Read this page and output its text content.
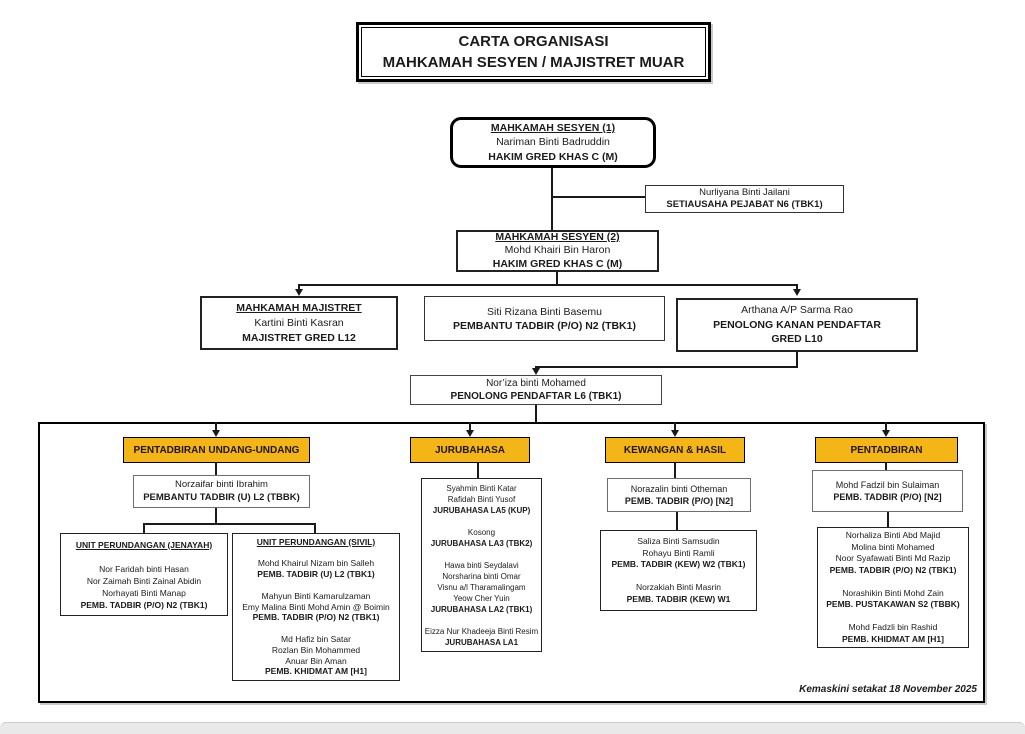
CARTA ORGANISASI
MAHKAMAH SESYEN / MAJISTRET MUAR
MAHKAMAH SESYEN (1)
Nariman Binti Badruddin
HAKIM GRED KHAS C (M)
Nurliyana Binti Jailani
SETIAUSAHA PEJABAT N6 (TBK1)
MAHKAMAH SESYEN (2)
Mohd Khairi Bin Haron
HAKIM GRED KHAS C (M)
MAHKAMAH MAJISTRET
Kartini Binti Kasran
MAJISTRET GRED L12
Siti Rizana Binti Basemu
PEMBANTU TADBIR (P/O) N2 (TBK1)
Arthana A/P Sarma Rao
PENOLONG KANAN PENDAFTAR
GRED L10
Nor’iza binti Mohamed
PENOLONG PENDAFTAR L6 (TBK1)
PENTADBIRAN UNDANG-UNDANG	JURUBAHASA	KEWANGAN & HASIL	PENTADBIRAN
Norzaifar binti Ibrahim
PEMBANTU TADBIR (U) L2 (TBBK)
UNIT PERUNDANGAN (JENAYAH)
Nor Faridah binti Hasan
Nor Zaimah Binti Zainal Abidin
Norhayati Binti Manap
PEMB. TADBIR (P/O) N2 (TBK1)
UNIT PERUNDANGAN (SIVIL)
Mohd Khairul Nizam bin Salleh
PEMB. TADBIR (U) L2 (TBK1)
Mahyun Binti Kamarulzaman
Emy Malina Binti Mohd Amin @ Boimin
PEMB. TADBIR (P/O) N2 (TBK1)
Md Hafiz bin Satar
Rozlan Bin Mohammed
Anuar Bin Aman
PEMB. KHIDMAT AM [H1]
Syahmin Binti Katar
Rafidah Binti Yusof
JURUBAHASA LA5 (KUP)
Kosong
JURUBAHASA LA3 (TBK2)
Hawa binti Seydalavi
Norsharina binti Omar
Visnu a/l Tharamalingam
Yeow Cher Yuin
JURUBAHASA LA2 (TBK1)
Eizza Nur Khadeeja Binti Resim
JURUBAHASA LA1
Norazalin binti Otheman
PEMB. TADBIR (P/O) [N2]
Saliza Binti Samsudin
Rohayu Binti Ramli
PEMB. TADBIR (KEW) W2 (TBK1)
Norzakiah Binti Masrin
PEMB. TADBIR (KEW) W1
Mohd Fadzil bin Sulaiman
PEMB. TADBIR (P/O) [N2]
Norhaliza Binti Abd Majid
Molina binti Mohamed
Noor Syafawati Binti Md Razip
PEMB. TADBIR (P/O) N2 (TBK1)
Norashikin Binti Mohd Zain
PEMB. PUSTAKAWAN S2 (TBBK)
Mohd Fadzli bin Rashid
PEMB. KHIDMAT AM [H1]
Kemaskini setakat 18 November 2025
